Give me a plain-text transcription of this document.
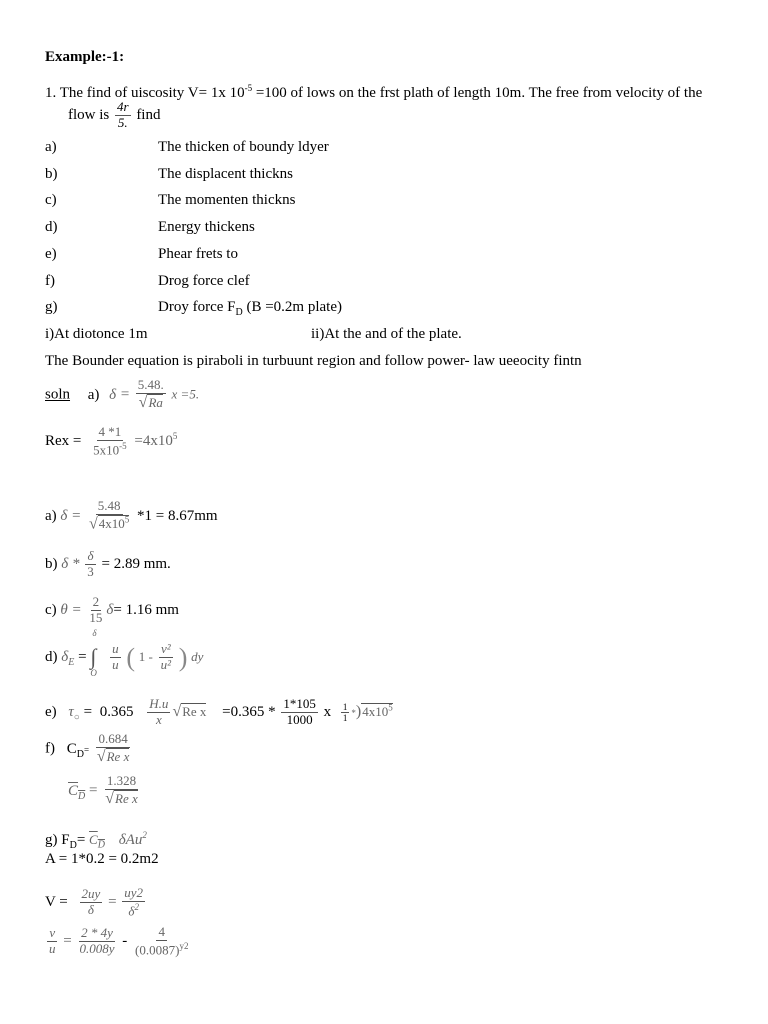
Example:-1:
1. The find of uiscosity V= 1x $10^{-5} =100$ of lows on the frst plath of length 10m. The free from velocity of the
flow is $\frac{4r}{5.}$ find
a)	The thicken of boundy ldyer
b)	The displacent thickns
c)	The momenten thickns
d)	Energy thickens
e)	Phear frets to
f)	Drog force clef
g)	Droy force $F_D$ (B =0.2m plate)
i)At diotonce 1m	ii)At the and of the plate.
The Bounder equation is piraboli in turbuunt region and follow power- law ueeocity fintn
soln a) $\delta = \frac{5.48.}{√Ra}$ x =5.
Rex = $\frac{4 *1}{5x10^{-5}} =4x10^5$
a) $\delta = \frac{5.48}{√4x10^5} *1 = 8.67mm$
b) $\delta * \frac{\delta}{3} = 2.89$ mm.
c) $\theta = \frac{2}{15} \delta= 1.16$ mm
d) $\delta_E$ =
δ
∫
O

$\frac{u}{u}$ ( $1 - \frac{\text{v²}}{\text{u²}}$ ) dy
e) $\tau_○ = 0.365 \frac{H.u}{x} √Re$ $x =0.365 * \frac{1*105}{1000}$ x $\frac{1}{1} *)4x10^5$
f) $C_D= \frac{0.684}{\text{√Re x}}$
$C_D = \frac{1.328}{\text{√Re x}}$
g) $F_D= C_D$ δAu$^2$
A = 1*0.2 = 0.2m2
$V = \frac{2uy}{\delta} = \frac{uy2}{\delta^2}$
$\frac{v}{u} = \frac{2 * 4y}{0.008y} - \frac{4}{(0.0087)^{y2}}$
